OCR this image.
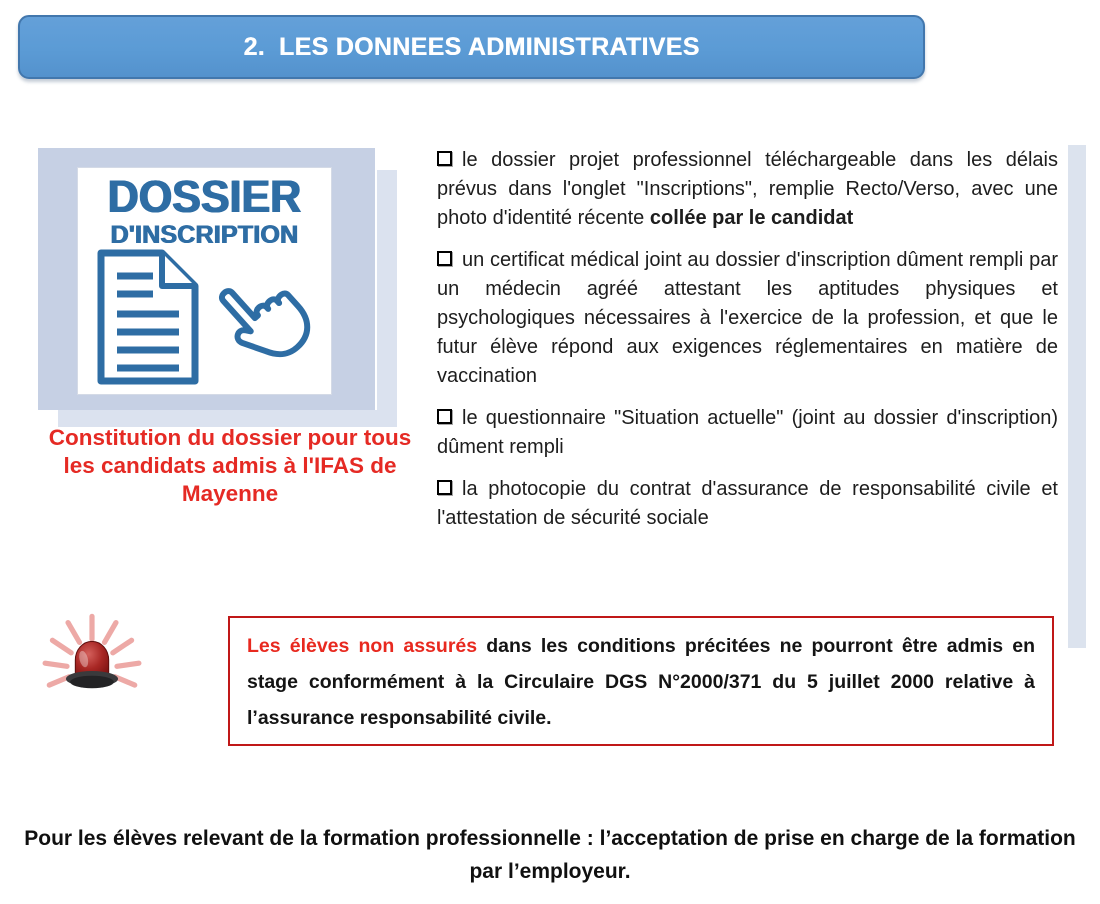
2. LES DONNEES ADMINISTRATIVES
DOSSIER
D'INSCRIPTION
Constitution du dossier pour tous
les candidats admis à l'IFAS de
Mayenne

le dossier projet professionnel téléchargeable dans les délais prévus dans l'onglet "Inscriptions", remplie Recto/Verso, avec une photo d'identité récente collée par le candidat

un certificat médical joint au dossier d'inscription dûment rempli par un médecin agréé attestant les aptitudes physiques et psychologiques nécessaires à l'exercice de la profession, et que le futur élève répond aux exigences réglementaires en matière de vaccination

le questionnaire "Situation actuelle" (joint au dossier d'inscription) dûment rempli

la photocopie du contrat d'assurance de responsabilité civile et l'attestation de sécurité sociale

Les élèves non assurés dans les conditions précitées ne pourront être admis en stage conformément à la Circulaire DGS N°2000/371 du 5 juillet 2000 relative à l’assurance responsabilité civile.
Pour les élèves relevant de la formation professionnelle : l’acceptation de prise en charge de la formation
par l’employeur.
